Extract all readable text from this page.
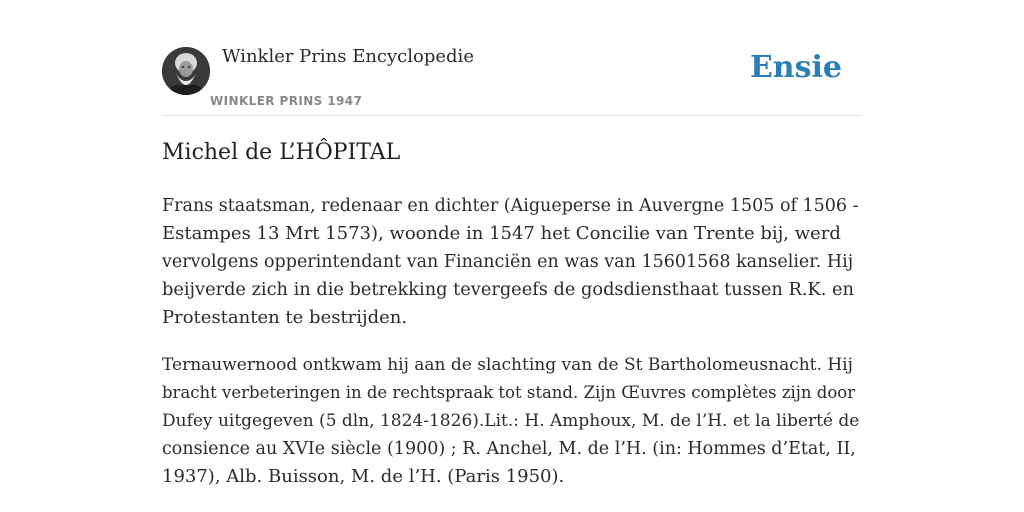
Winkler Prins Encyclopedie
WINKLER PRINS 1947
Ensie
Michel de L’HÔPITAL

Frans staatsman, redenaar en dichter (Aigueperse in Auvergne 1505 of 1506 -
Estampes 13 Mrt 1573), woonde in 1547 het Concilie van Trente bij, werd
vervolgens opperintendant van Financiën en was van 15601568 kanselier. Hij
beijverde zich in die betrekking tevergeefs de godsdiensthaat tussen R.K. en
Protestanten te bestrijden.

Ternauwernood ontkwam hij aan de slachting van de St Bartholomeusnacht. Hij
bracht verbeteringen in de rechtspraak tot stand. Zijn Œuvres complètes zijn door
Dufey uitgegeven (5 dln, 1824-1826).Lit.: H. Amphoux, M. de l’H. et la liberté de
consience au XVIe siècle (1900) ; R. Anchel, M. de l’H. (in: Hommes d’Etat, II,
1937), Alb. Buisson, M. de l’H. (Paris 1950).
